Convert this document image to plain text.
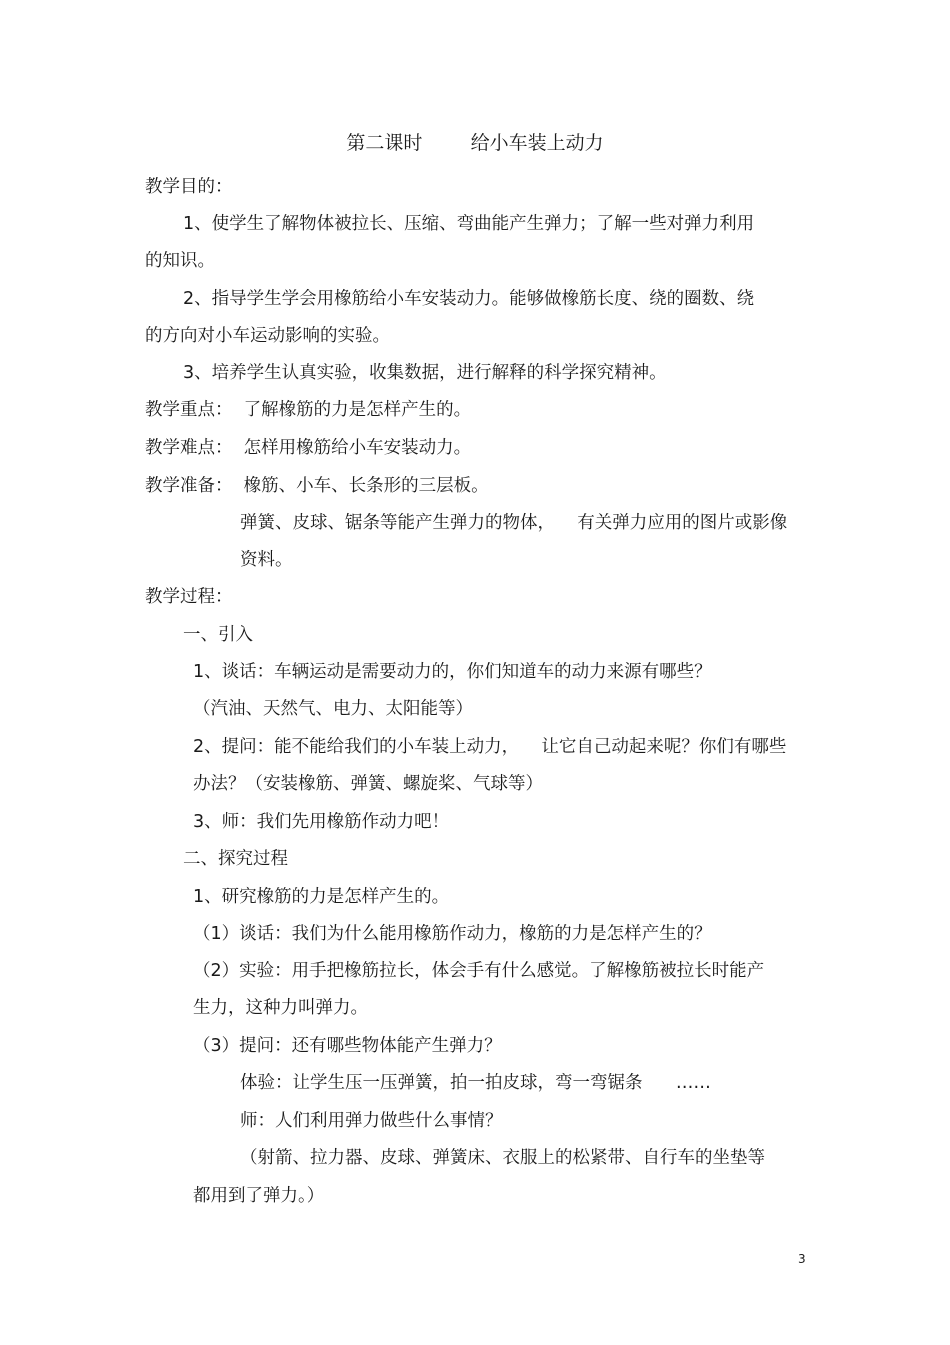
第二课时        给小车装上动力
教学目的：
1、使学生了解物体被拉长、压缩、弯曲能产生弹力；了解一些对弹力利用
的知识。
2、指导学生学会用橡筋给小车安装动力。能够做橡筋长度、绕的圈数、绕
的方向对小车运动影响的实验。
3、培养学生认真实验，收集数据，进行解释的科学探究精神。
教学重点：  了解橡筋的力是怎样产生的。
教学难点：  怎样用橡筋给小车安装动力。
教学准备：  橡筋、小车、长条形的三层板。
弹簧、皮球、锯条等能产生弹力的物体，    有关弹力应用的图片或影像
资料。
教学过程：
一、引入
1、谈话：车辆运动是需要动力的，你们知道车的动力来源有哪些？
（汽油、天然气、电力、太阳能等）
2、提问：能不能给我们的小车装上动力，    让它自己动起来呢？你们有哪些
办法？（安装橡筋、弹簧、螺旋桨、气球等）
3、师：我们先用橡筋作动力吧！
二、探究过程
1、研究橡筋的力是怎样产生的。
（1）谈话：我们为什么能用橡筋作动力，橡筋的力是怎样产生的？
（2）实验：用手把橡筋拉长，体会手有什么感觉。了解橡筋被拉长时能产
生力，这种力叫弹力。
（3）提问：还有哪些物体能产生弹力？
体验：让学生压一压弹簧，拍一拍皮球，弯一弯锯条      ……
师：人们利用弹力做些什么事情？
（射箭、拉力器、皮球、弹簧床、衣服上的松紧带、自行车的坐垫等
都用到了弹力。）
3
